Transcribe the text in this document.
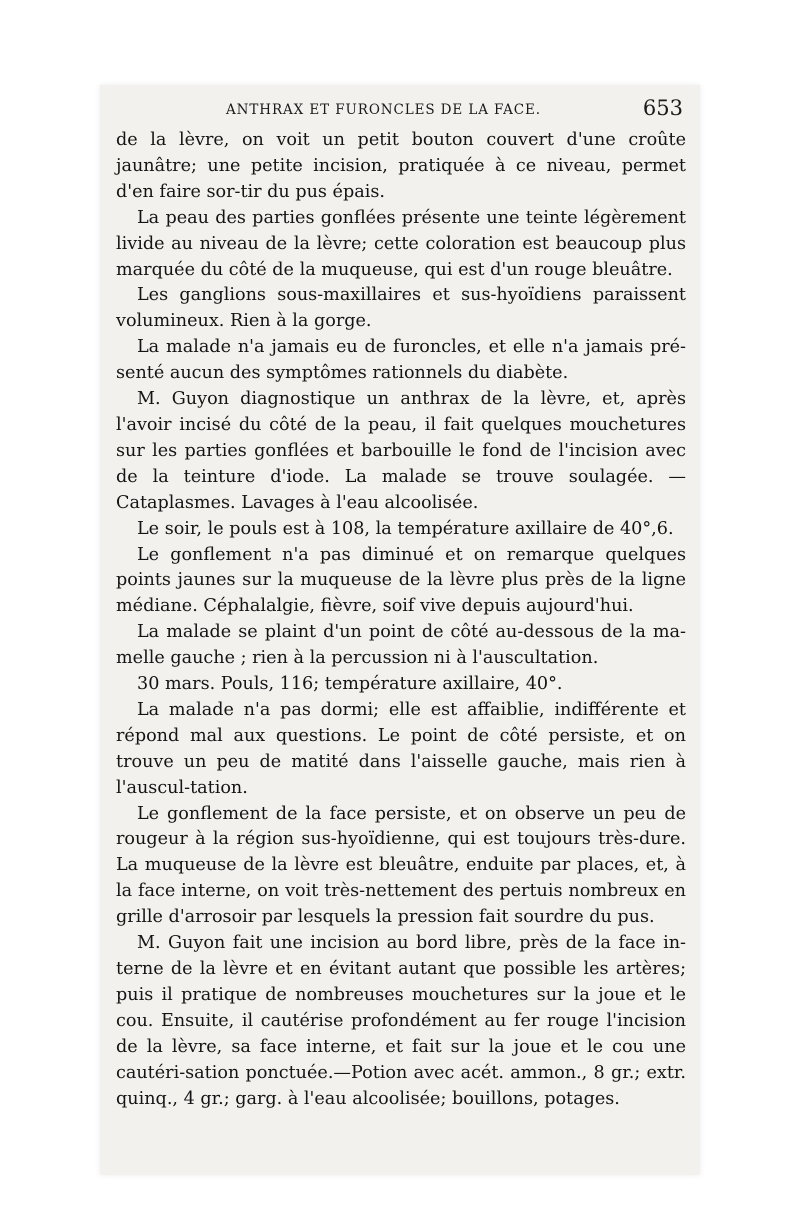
ANTHRAX ET FURONCLES DE LA FACE.	653

de la lèvre, on voit un petit bouton couvert d'une croûte jaunâtre; une petite incision, pratiquée à ce niveau, permet d'en faire sor-tir du pus épais.

La peau des parties gonflées présente une teinte légèrement livide au niveau de la lèvre; cette coloration est beaucoup plus marquée du côté de la muqueuse, qui est d'un rouge bleuâtre.

Les ganglions sous-maxillaires et sus-hyoïdiens paraissent volumineux. Rien à la gorge.

La malade n'a jamais eu de furoncles, et elle n'a jamais pré-senté aucun des symptômes rationnels du diabète.

M. Guyon diagnostique un anthrax de la lèvre, et, après l'avoir incisé du côté de la peau, il fait quelques mouchetures sur les parties gonflées et barbouille le fond de l'incision avec de la teinture d'iode. La malade se trouve soulagée. — Cataplasmes. Lavages à l'eau alcoolisée.

Le soir, le pouls est à 108, la température axillaire de 40°,6.

Le gonflement n'a pas diminué et on remarque quelques points jaunes sur la muqueuse de la lèvre plus près de la ligne médiane. Céphalalgie, fièvre, soif vive depuis aujourd'hui.

La malade se plaint d'un point de côté au-dessous de la ma-melle gauche ; rien à la percussion ni à l'auscultation.

30 mars. Pouls, 116; température axillaire, 40°.

La malade n'a pas dormi; elle est affaiblie, indifférente et répond mal aux questions. Le point de côté persiste, et on trouve un peu de matité dans l'aisselle gauche, mais rien à l'auscul-tation.

Le gonflement de la face persiste, et on observe un peu de rougeur à la région sus-hyoïdienne, qui est toujours très-dure. La muqueuse de la lèvre est bleuâtre, enduite par places, et, à la face interne, on voit très-nettement des pertuis nombreux en grille d'arrosoir par lesquels la pression fait sourdre du pus.

M. Guyon fait une incision au bord libre, près de la face in-terne de la lèvre et en évitant autant que possible les artères; puis il pratique de nombreuses mouchetures sur la joue et le cou. Ensuite, il cautérise profondément au fer rouge l'incision de la lèvre, sa face interne, et fait sur la joue et le cou une cautéri-sation ponctuée.—Potion avec acét. ammon., 8 gr.; extr. quinq., 4 gr.; garg. à l'eau alcoolisée; bouillons, potages.
